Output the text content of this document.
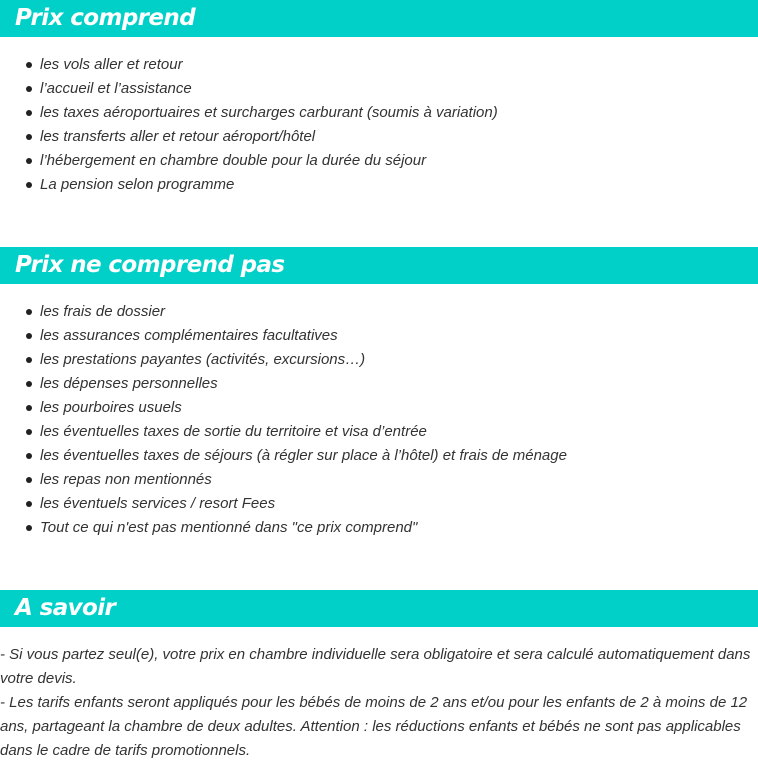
Prix comprend
les vols aller et retour
l’accueil et l’assistance
les taxes aéroportuaires et surcharges carburant (soumis à variation)
les transferts aller et retour aéroport/hôtel
l’hébergement en chambre double pour la durée du séjour
La pension selon programme
Prix ne comprend pas
les frais de dossier
les assurances complémentaires facultatives
les prestations payantes (activités, excursions…)
les dépenses personnelles
les pourboires usuels
les éventuelles taxes de sortie du territoire et visa d’entrée
les éventuelles taxes de séjours (à régler sur place à l’hôtel) et frais de ménage
les repas non mentionnés
les éventuels services / resort Fees
Tout ce qui n'est pas mentionné dans "ce prix comprend"
A savoir

- Si vous partez seul(e), votre prix en chambre individuelle sera obligatoire et sera calculé automatiquement dans votre devis.

- Les tarifs enfants seront appliqués pour les bébés de moins de 2 ans et/ou pour les enfants de 2 à moins de 12 ans, partageant la chambre de deux adultes. Attention : les réductions enfants et bébés ne sont pas applicables dans le cadre de tarifs promotionnels.
